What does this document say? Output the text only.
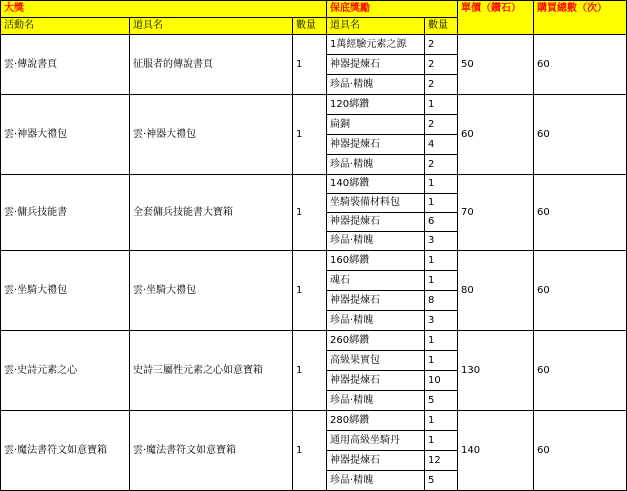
大獎			保底獎勵		單價（鑽石）	購買總數（次）
活動名	道具名	數量	道具名	數量		
雲·傳說書頁	征服者的傳說書頁	1	1萬經驗元素之源	2	50	60
			神器提煉石	2		
			珍品·精魄	2		
雲·神器大禮包	雲·神器大禮包	1	120綁鑽	1	60	60
			扁銅	2		
			神器提煉石	4		
			珍品·精魄	2		
雲·傭兵技能書	全套傭兵技能書大寶箱	1	140綁鑽	1	70	60
			坐騎裝備材料包	1		
			神器提煉石	6		
			珍品·精魄	3		
雲·坐騎大禮包	雲·坐騎大禮包	1	160綁鑽	1	80	60
			魂石	1		
			神器提煉石	8		
			珍品·精魄	3		
雲·史詩元素之心	史詩三屬性元素之心如意寶箱	1	260綁鑽	1	130	60
			高級果實包	1		
			神器提煉石	10		
			珍品·精魄	5		
雲·魔法書符文如意寶箱	雲·魔法書符文如意寶箱	1	280綁鑽	1	140	60
			通用高級坐騎丹	1		
			神器提煉石	12		
			珍品·精魄	5		
